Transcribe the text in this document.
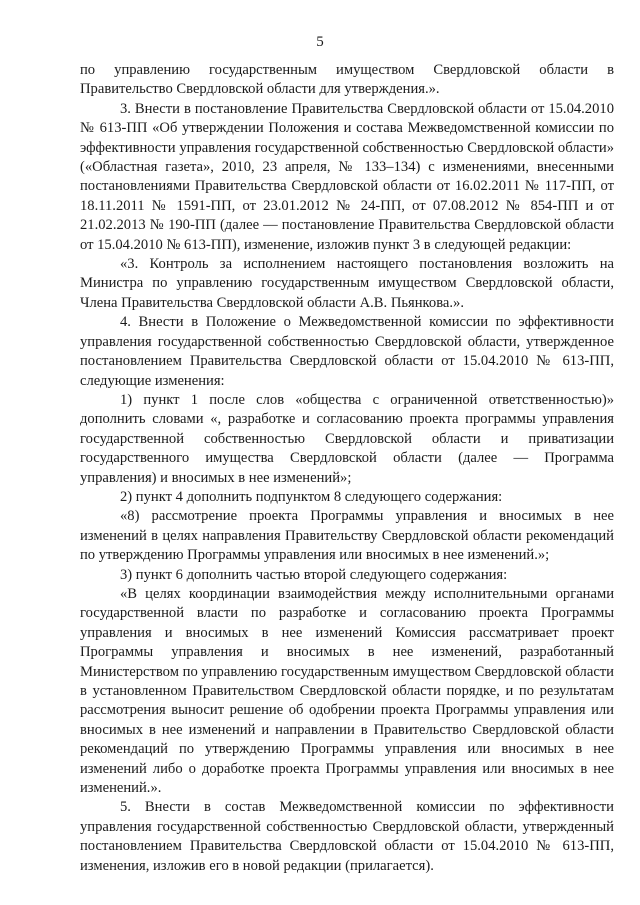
5

по управлению государственным имуществом Свердловской области в Правительство Свердловской области для утверждения.».

3. Внести в постановление Правительства Свердловской области от 15.04.2010 № 613-ПП «Об утверждении Положения и состава Межведомственной комиссии по эффективности управления государственной собственностью Свердловской области» («Областная газета», 2010, 23 апреля, № 133–134) с изменениями, внесенными постановлениями Правительства Свердловской области от 16.02.2011 № 117-ПП, от 18.11.2011 № 1591-ПП, от 23.01.2012 № 24-ПП, от 07.08.2012 № 854-ПП и от 21.02.2013 № 190-ПП (далее — постановление Правительства Свердловской области от 15.04.2010 № 613-ПП), изменение, изложив пункт 3 в следующей редакции:

«3. Контроль за исполнением настоящего постановления возложить на Министра по управлению государственным имуществом Свердловской области, Члена Правительства Свердловской области А.В. Пьянкова.».

4. Внести в Положение о Межведомственной комиссии по эффективности управления государственной собственностью Свердловской области, утвержденное постановлением Правительства Свердловской области от 15.04.2010 № 613-ПП, следующие изменения:

1) пункт 1 после слов «общества с ограниченной ответственностью)» дополнить словами «, разработке и согласованию проекта программы управления государственной собственностью Свердловской области и приватизации государственного имущества Свердловской области (далее — Программа управления) и вносимых в нее изменений»;

2) пункт 4 дополнить подпунктом 8 следующего содержания:

«8) рассмотрение проекта Программы управления и вносимых в нее изменений в целях направления Правительству Свердловской области рекомендаций по утверждению Программы управления или вносимых в нее изменений.»;

3) пункт 6 дополнить частью второй следующего содержания:

«В целях координации взаимодействия между исполнительными органами государственной власти по разработке и согласованию проекта Программы управления и вносимых в нее изменений Комиссия рассматривает проект Программы управления и вносимых в нее изменений, разработанный Министерством по управлению государственным имуществом Свердловской области в установленном Правительством Свердловской области порядке, и по результатам рассмотрения выносит решение об одобрении проекта Программы управления или вносимых в нее изменений и направлении в Правительство Свердловской области рекомендаций по утверждению Программы управления или вносимых в нее изменений либо о доработке проекта Программы управления или вносимых в нее изменений.».

5. Внести в состав Межведомственной комиссии по эффективности управления государственной собственностью Свердловской области, утвержденный постановлением Правительства Свердловской области от 15.04.2010 № 613-ПП, изменения, изложив его в новой редакции (прилагается).
